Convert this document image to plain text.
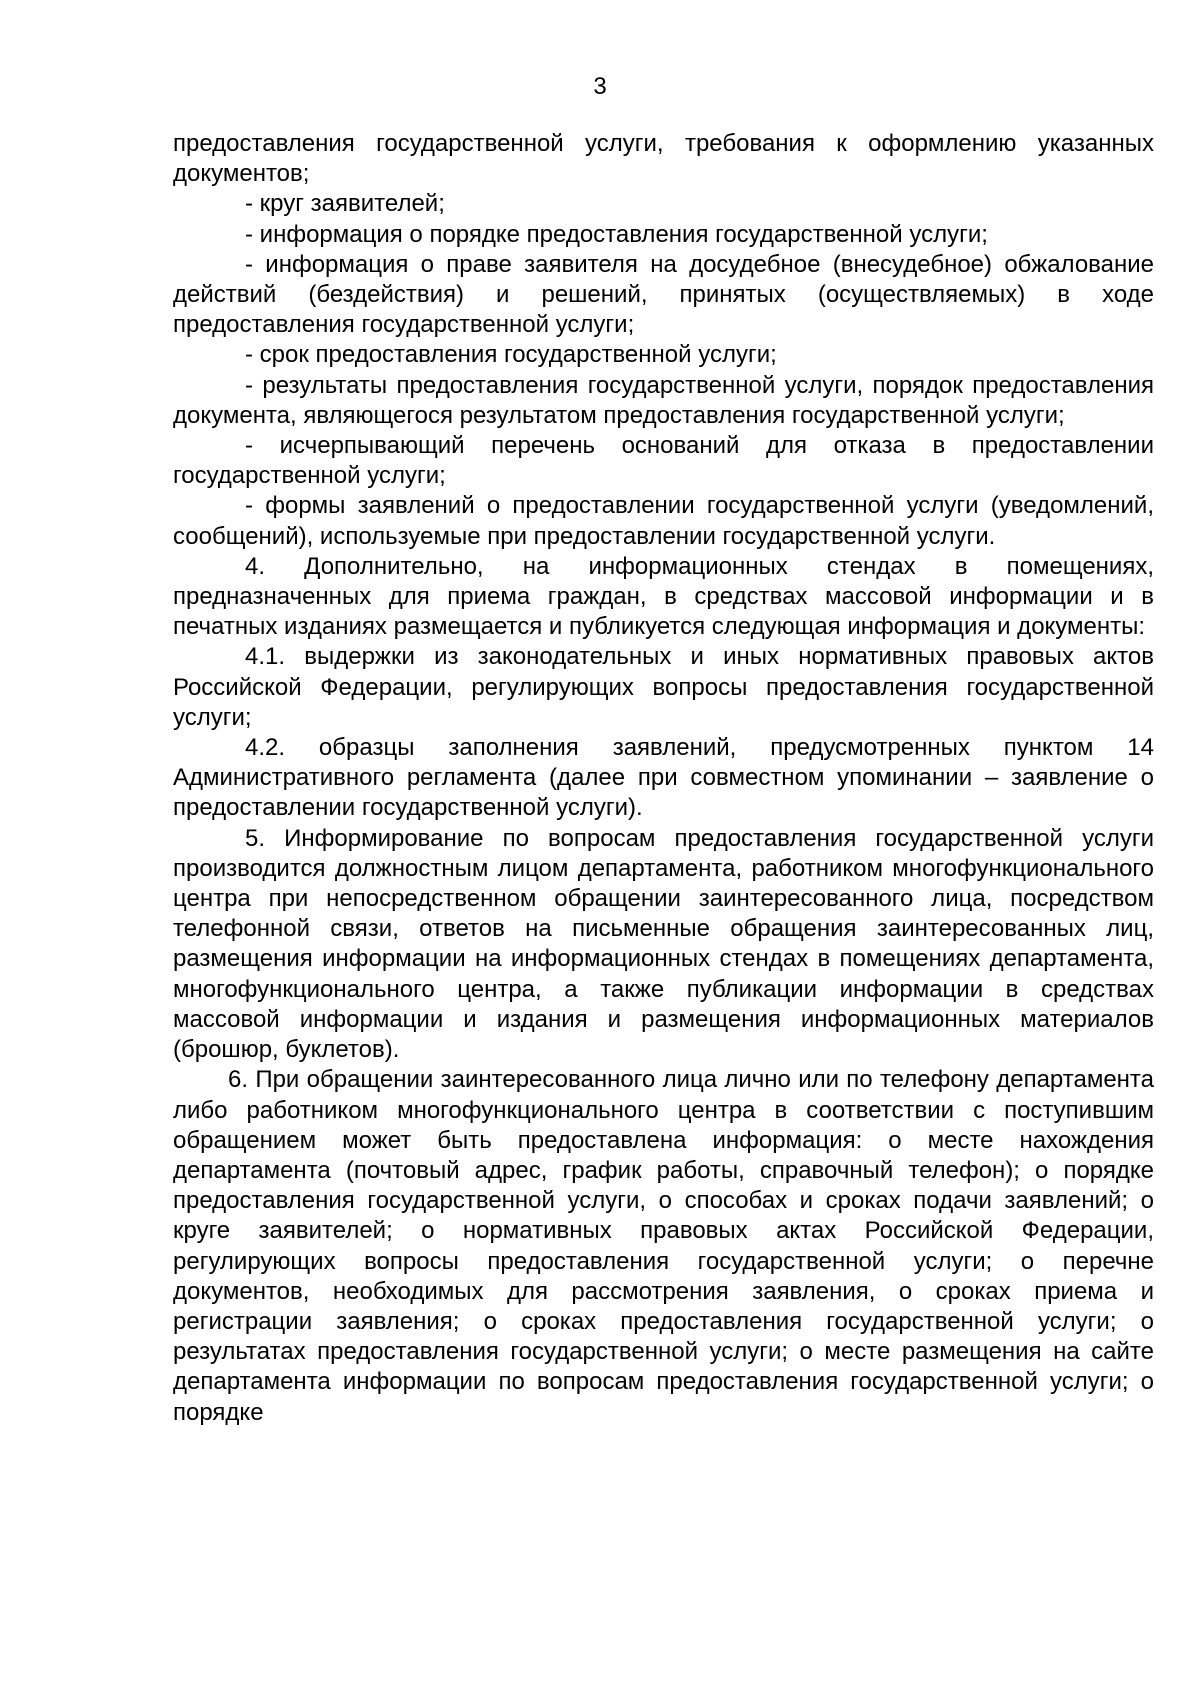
3

предоставления государственной услуги, требования к оформлению указанных документов;

- круг заявителей;

- информация о порядке предоставления государственной услуги;

- информация о праве заявителя на досудебное (внесудебное) обжалование действий (бездействия) и решений, принятых (осуществляемых) в ходе предоставления государственной услуги;

- срок предоставления государственной услуги;

- результаты предоставления государственной услуги, порядок предоставления документа, являющегося результатом предоставления государственной услуги;

- исчерпывающий перечень оснований для отказа в предоставлении государственной услуги;

- формы заявлений о предоставлении государственной услуги (уведомлений, сообщений), используемые при предоставлении государственной услуги.

4. Дополнительно, на информационных стендах в помещениях, предназначенных для приема граждан, в средствах массовой информации и в печатных изданиях размещается и публикуется следующая информация и документы:

4.1. выдержки из законодательных и иных нормативных правовых актов Российской Федерации, регулирующих вопросы предоставления государственной услуги;

4.2. образцы заполнения заявлений, предусмотренных пунктом 14 Административного регламента (далее при совместном упоминании – заявление о предоставлении государственной услуги).

5. Информирование по вопросам предоставления государственной услуги производится должностным лицом департамента, работником многофункционального центра при непосредственном обращении заинтересованного лица, посредством телефонной связи, ответов на письменные обращения заинтересованных лиц, размещения информации на информационных стендах в помещениях департамента, многофункционального центра, а также публикации информации в средствах массовой информации и издания и размещения информационных материалов (брошюр, буклетов).

6. При обращении заинтересованного лица лично или по телефону департамента либо работником многофункционального центра в соответствии с поступившим обращением может быть предоставлена информация: о месте нахождения департамента (почтовый адрес, график работы, справочный телефон); о порядке предоставления государственной услуги, о способах и сроках подачи заявлений; о круге заявителей; о нормативных правовых актах Российской Федерации, регулирующих вопросы предоставления государственной услуги; о перечне документов, необходимых для рассмотрения заявления, о сроках приема и регистрации заявления; о сроках предоставления государственной услуги; о результатах предоставления государственной услуги; о месте размещения на сайте департамента информации по вопросам предоставления государственной услуги; о порядке
